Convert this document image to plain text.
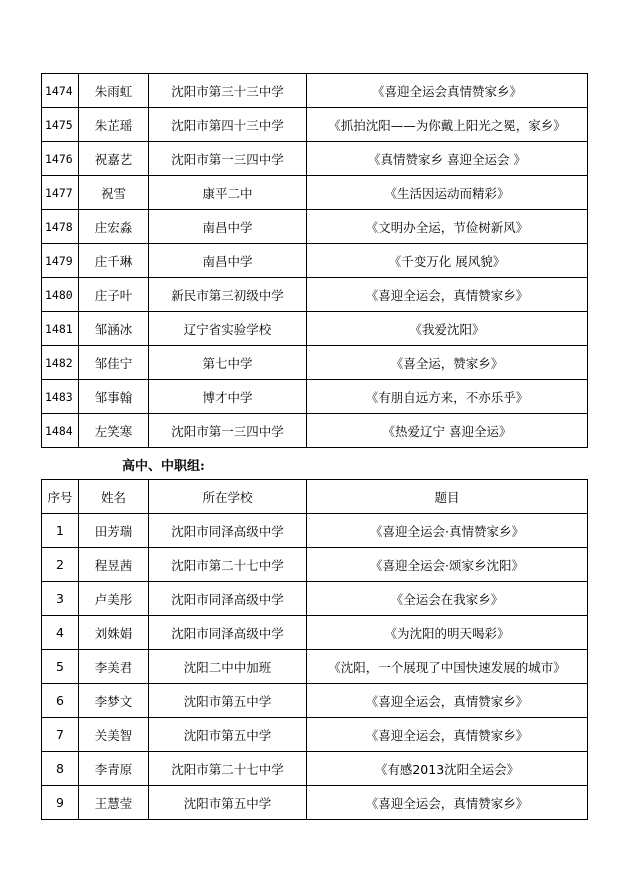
1474	朱雨虹	沈阳市第三十三中学	《喜迎全运会真情赞家乡》
1475	朱芷瑶	沈阳市第四十三中学	《抓拍沈阳——为你戴上阳光之冕，家乡》
1476	祝嘉艺	沈阳市第一三四中学	《真情赞家乡 喜迎全运会 》
1477	祝雪	康平二中	《生活因运动而精彩》
1478	庄宏淼	南昌中学	《文明办全运，节俭树新风》
1479	庄千琳	南昌中学	《千变万化 展风貌》
1480	庄子叶	新民市第三初级中学	《喜迎全运会，真情赞家乡》
1481	邹涵冰	辽宁省实验学校	《我爱沈阳》
1482	邹佳宁	第七中学	《喜全运，赞家乡》
1483	邹事翰	博才中学	《有朋自远方来，不亦乐乎》
1484	左笑寒	沈阳市第一三四中学	《热爱辽宁 喜迎全运》
高中、中职组:
序号	姓名	所在学校	题目
1	田芳瑞	沈阳市同泽高级中学	《喜迎全运会·真情赞家乡》
2	程昱茜	沈阳市第二十七中学	《喜迎全运会·颂家乡沈阳》
3	卢美彤	沈阳市同泽高级中学	《全运会在我家乡》
4	刘姝娟	沈阳市同泽高级中学	《为沈阳的明天喝彩》
5	李美君	沈阳二中中加班	《沈阳，一个展现了中国快速发展的城市》
6	李梦文	沈阳市第五中学	《喜迎全运会，真情赞家乡》
7	关美智	沈阳市第五中学	《喜迎全运会，真情赞家乡》
8	李青原	沈阳市第二十七中学	《有感2013沈阳全运会》
9	王慧莹	沈阳市第五中学	《喜迎全运会，真情赞家乡》
